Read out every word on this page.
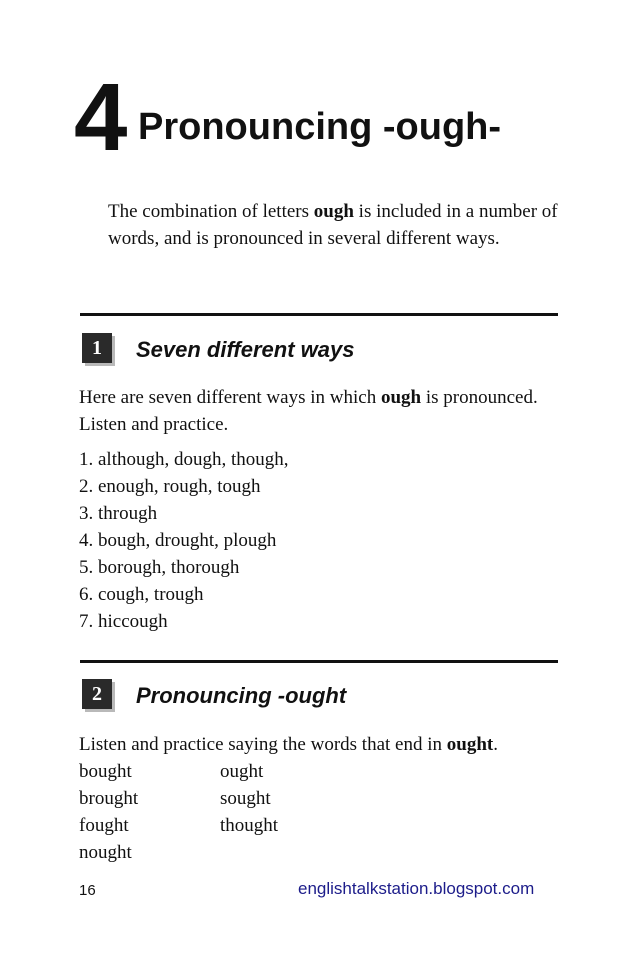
4 Pronouncing -ough-
The combination of letters ough is included in a number of words, and is pronounced in several different ways.
1	Seven different ways
Here are seven different ways in which ough is pronounced. Listen and practice.
1. although, dough, though,
2. enough, rough, tough
3. through
4. bough, drought, plough
5. borough, thorough
6. cough, trough
7. hiccough
2	Pronouncing -ought
Listen and practice saying the words that end in ought.
bought	ought
brought	sought
fought	thought
nought
16	englishtalkstation.blogspot.com
